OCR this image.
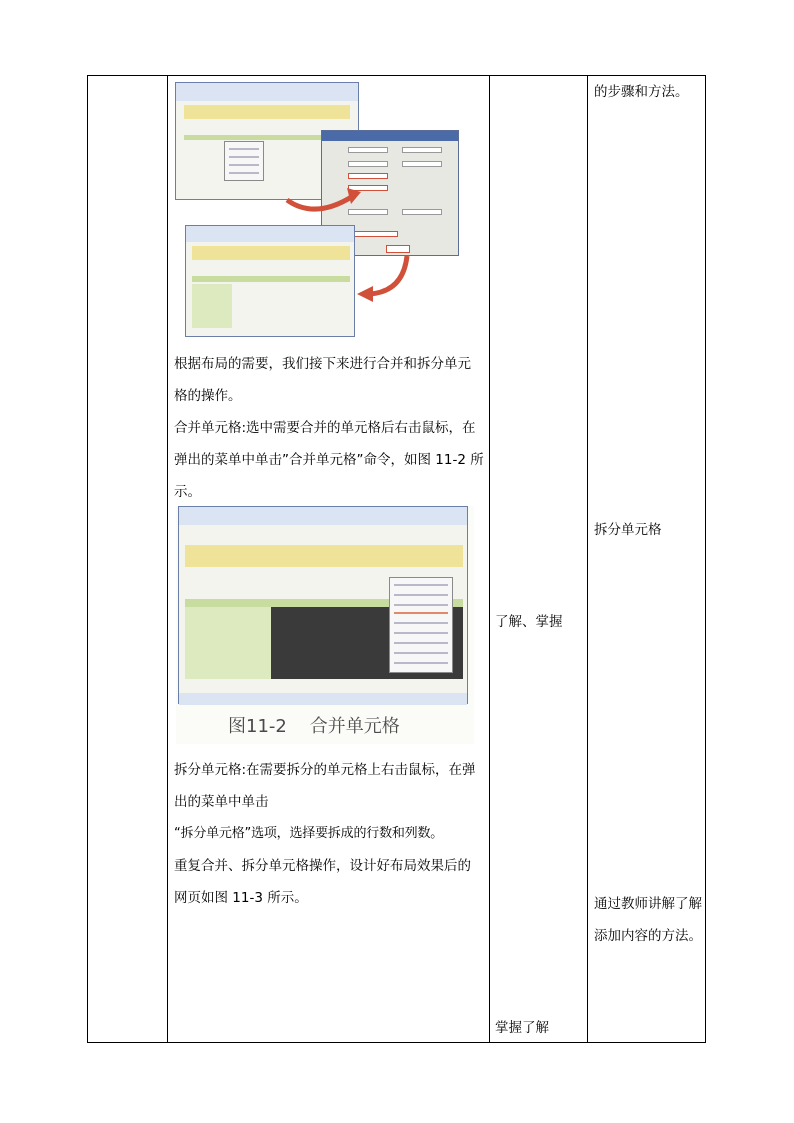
根据布局的需要，我们接下来进行合并和拆分单元格的操作。

合并单元格:选中需要合并的单元格后右击鼠标，在弹出的菜单中单击”合并单元格”命令，如图 11-2 所示。

图11-2    合并单元格

拆分单元格:在需要拆分的单元格上右击鼠标，在弹出的菜单中单击

“拆分单元格”选项，选择要拆成的行数和列数。

重复合并、拆分单元格操作，设计好布局效果后的网页如图 11-3 所示。

了解、掌握
掌握了解
的步骤和方法。
拆分单元格
通过教师讲解了解添加内容的方法。
